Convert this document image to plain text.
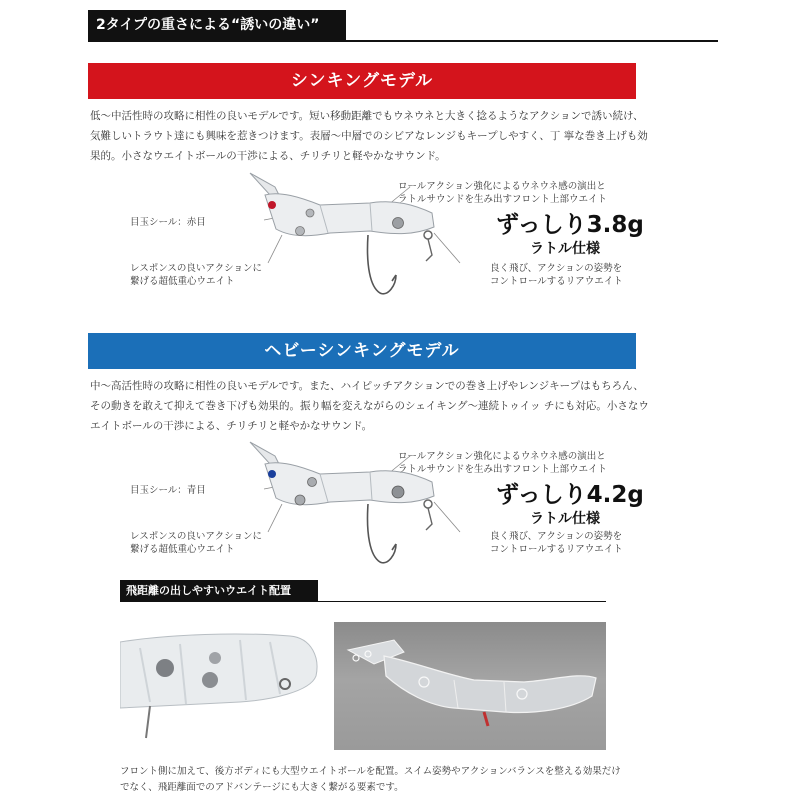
2タイプの重さによる“誘いの違い”
シンキングモデル
低〜中活性時の攻略に相性の良いモデルです。短い移動距離でもウネウネと大きく捻るようなアクションで誘い続け、
気難しいトラウト達にも興味を惹きつけます。表層〜中層でのシビアなレンジもキープしやすく、丁 寧な巻き上げも効
果的。小さなウエイトボールの干渉による、チリチリと軽やかなサウンド。
目玉シール：赤目
ロールアクション強化によるウネウネ感の演出と
ラトルサウンドを生み出すフロント上部ウエイト
レスポンスの良いアクションに
繋げる超低重心ウエイト
良く飛び、アクションの姿勢を
コントロールするリアウエイト
ずっしり3.8g
ラトル仕様
ヘビーシンキングモデル
中〜高活性時の攻略に相性の良いモデルです。また、ハイピッチアクションでの巻き上げやレンジキープはもちろん、
その動きを敢えて抑えて巻き下げも効果的。振り幅を変えながらのシェイキング〜連続トゥイッ チにも対応。小さなウ
エイトボールの干渉による、チリチリと軽やかなサウンド。
目玉シール：青目
ロールアクション強化によるウネウネ感の演出と
ラトルサウンドを生み出すフロント上部ウエイト
レスポンスの良いアクションに
繋げる超低重心ウエイト
良く飛び、アクションの姿勢を
コントロールするリアウエイト
ずっしり4.2g
ラトル仕様
飛距離の出しやすいウエイト配置
フロント側に加えて、後方ボディにも大型ウエイトボールを配置。スイム姿勢やアクションバランスを整える効果だけ
でなく、飛距離面でのアドバンテージにも大きく繋がる要素です。
